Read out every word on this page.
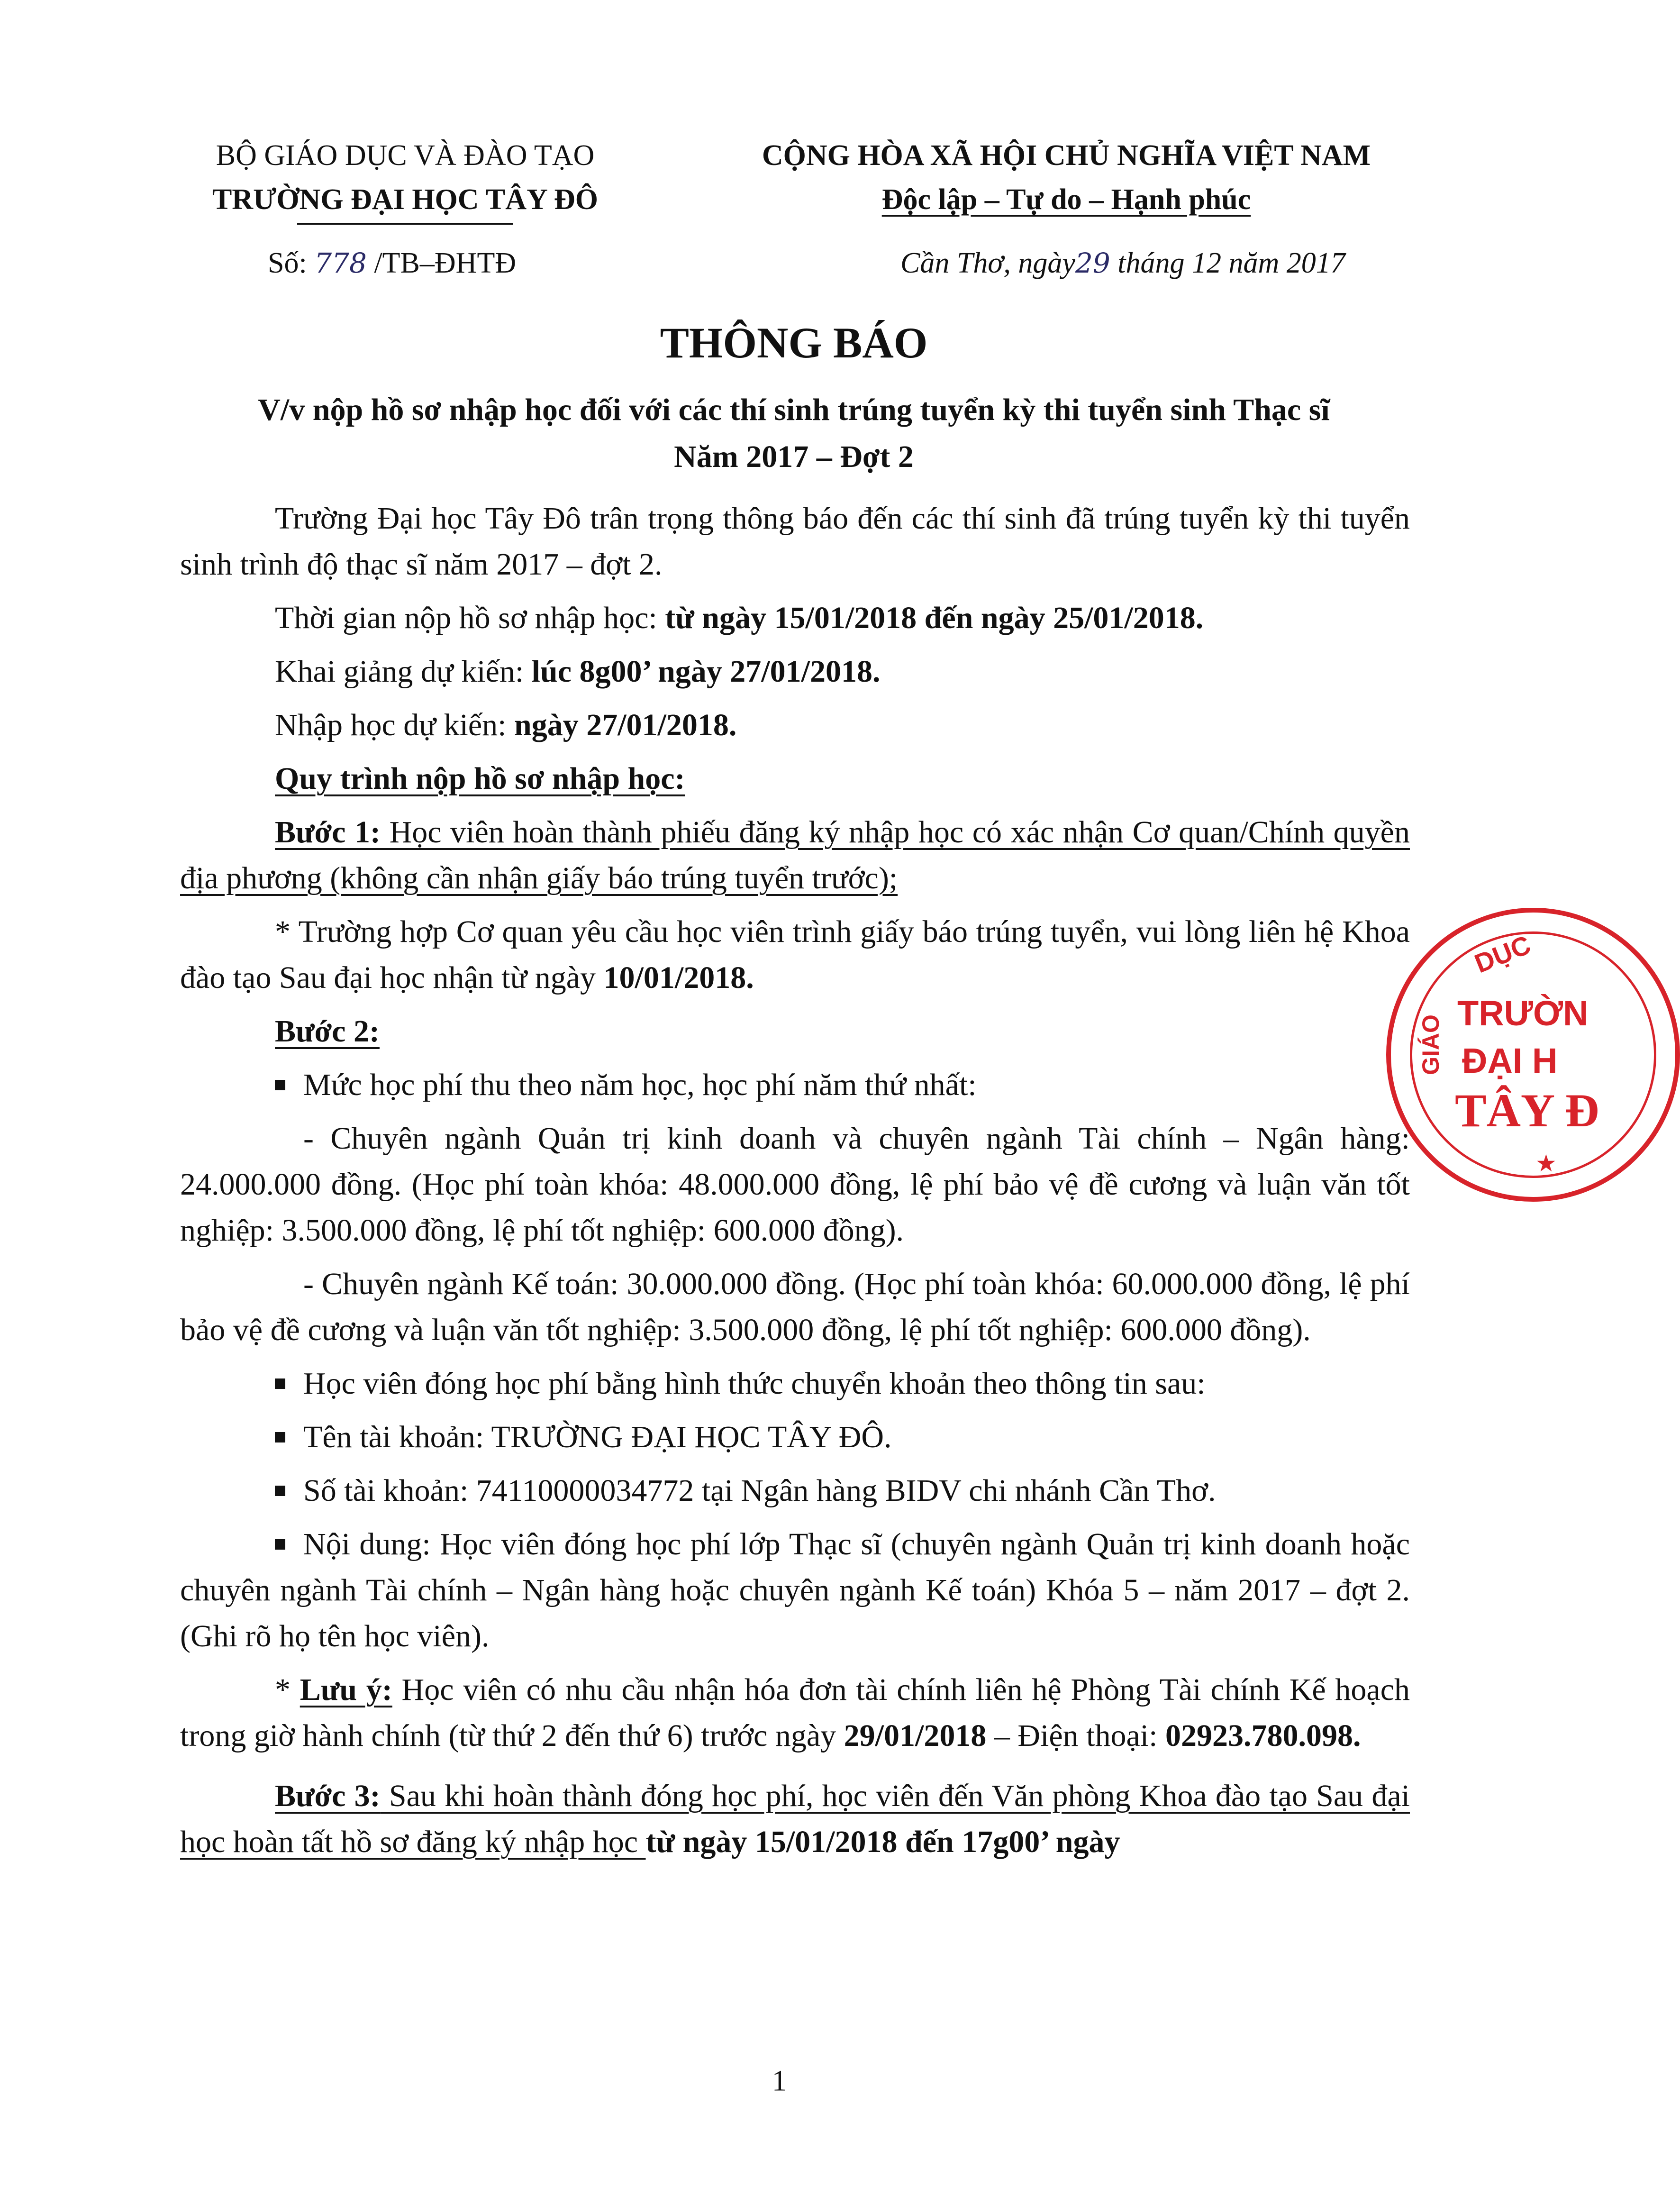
BỘ GIÁO DỤC VÀ ĐÀO TẠO
TRƯỜNG ĐẠI HỌC TÂY ĐÔ
CỘNG HÒA XÃ HỘI CHỦ NGHĨA VIỆT NAM
Độc lập – Tự do – Hạnh phúc
Số: 778 /TB–ĐHTĐ	Cần Thơ, ngày29 tháng 12 năm 2017
THÔNG BÁO
V/v nộp hồ sơ nhập học đối với các thí sinh trúng tuyển kỳ thi tuyển sinh Thạc sĩ
Năm 2017 – Đợt 2

Trường Đại học Tây Đô trân trọng thông báo đến các thí sinh đã trúng tuyển kỳ thi tuyển sinh trình độ thạc sĩ năm 2017 – đợt 2.

Thời gian nộp hồ sơ nhập học: từ ngày 15/01/2018 đến ngày 25/01/2018.

Khai giảng dự kiến: lúc 8g00’ ngày 27/01/2018.

Nhập học dự kiến: ngày 27/01/2018.

Quy trình nộp hồ sơ nhập học:

Bước 1: Học viên hoàn thành phiếu đăng ký nhập học có xác nhận Cơ quan/Chính quyền địa phương (không cần nhận giấy báo trúng tuyển trước);

* Trường hợp Cơ quan yêu cầu học viên trình giấy báo trúng tuyển, vui lòng liên hệ Khoa đào tạo Sau đại học nhận từ ngày 10/01/2018.

Bước 2:

Mức học phí thu theo năm học, học phí năm thứ nhất:

- Chuyên ngành Quản trị kinh doanh và chuyên ngành Tài chính – Ngân hàng: 24.000.000 đồng. (Học phí toàn khóa: 48.000.000 đồng, lệ phí bảo vệ đề cương và luận văn tốt nghiệp: 3.500.000 đồng, lệ phí tốt nghiệp: 600.000 đồng).

- Chuyên ngành Kế toán: 30.000.000 đồng. (Học phí toàn khóa: 60.000.000 đồng, lệ phí bảo vệ đề cương và luận văn tốt nghiệp: 3.500.000 đồng, lệ phí tốt nghiệp: 600.000 đồng).

Học viên đóng học phí bằng hình thức chuyển khoản theo thông tin sau:

Tên tài khoản: TRƯỜNG ĐẠI HỌC TÂY ĐÔ.

Số tài khoản: 74110000034772 tại Ngân hàng BIDV chi nhánh Cần Thơ.

Nội dung: Học viên đóng học phí lớp Thạc sĩ (chuyên ngành Quản trị kinh doanh hoặc chuyên ngành Tài chính – Ngân hàng hoặc chuyên ngành Kế toán) Khóa 5 – năm 2017 – đợt 2. (Ghi rõ họ tên học viên).

* Lưu ý: Học viên có nhu cầu nhận hóa đơn tài chính liên hệ Phòng Tài chính Kế hoạch trong giờ hành chính (từ thứ 2 đến thứ 6) trước ngày 29/01/2018 – Điện thoại: 02923.780.098.

Bước 3: Sau khi hoàn thành đóng học phí, học viên đến Văn phòng Khoa đào tạo Sau đại học hoàn tất hồ sơ đăng ký nhập học từ ngày 15/01/2018 đến 17g00’ ngày

DỤC
GIÁO
TRƯỜN
ĐẠI H
TÂY Đ
★
1
